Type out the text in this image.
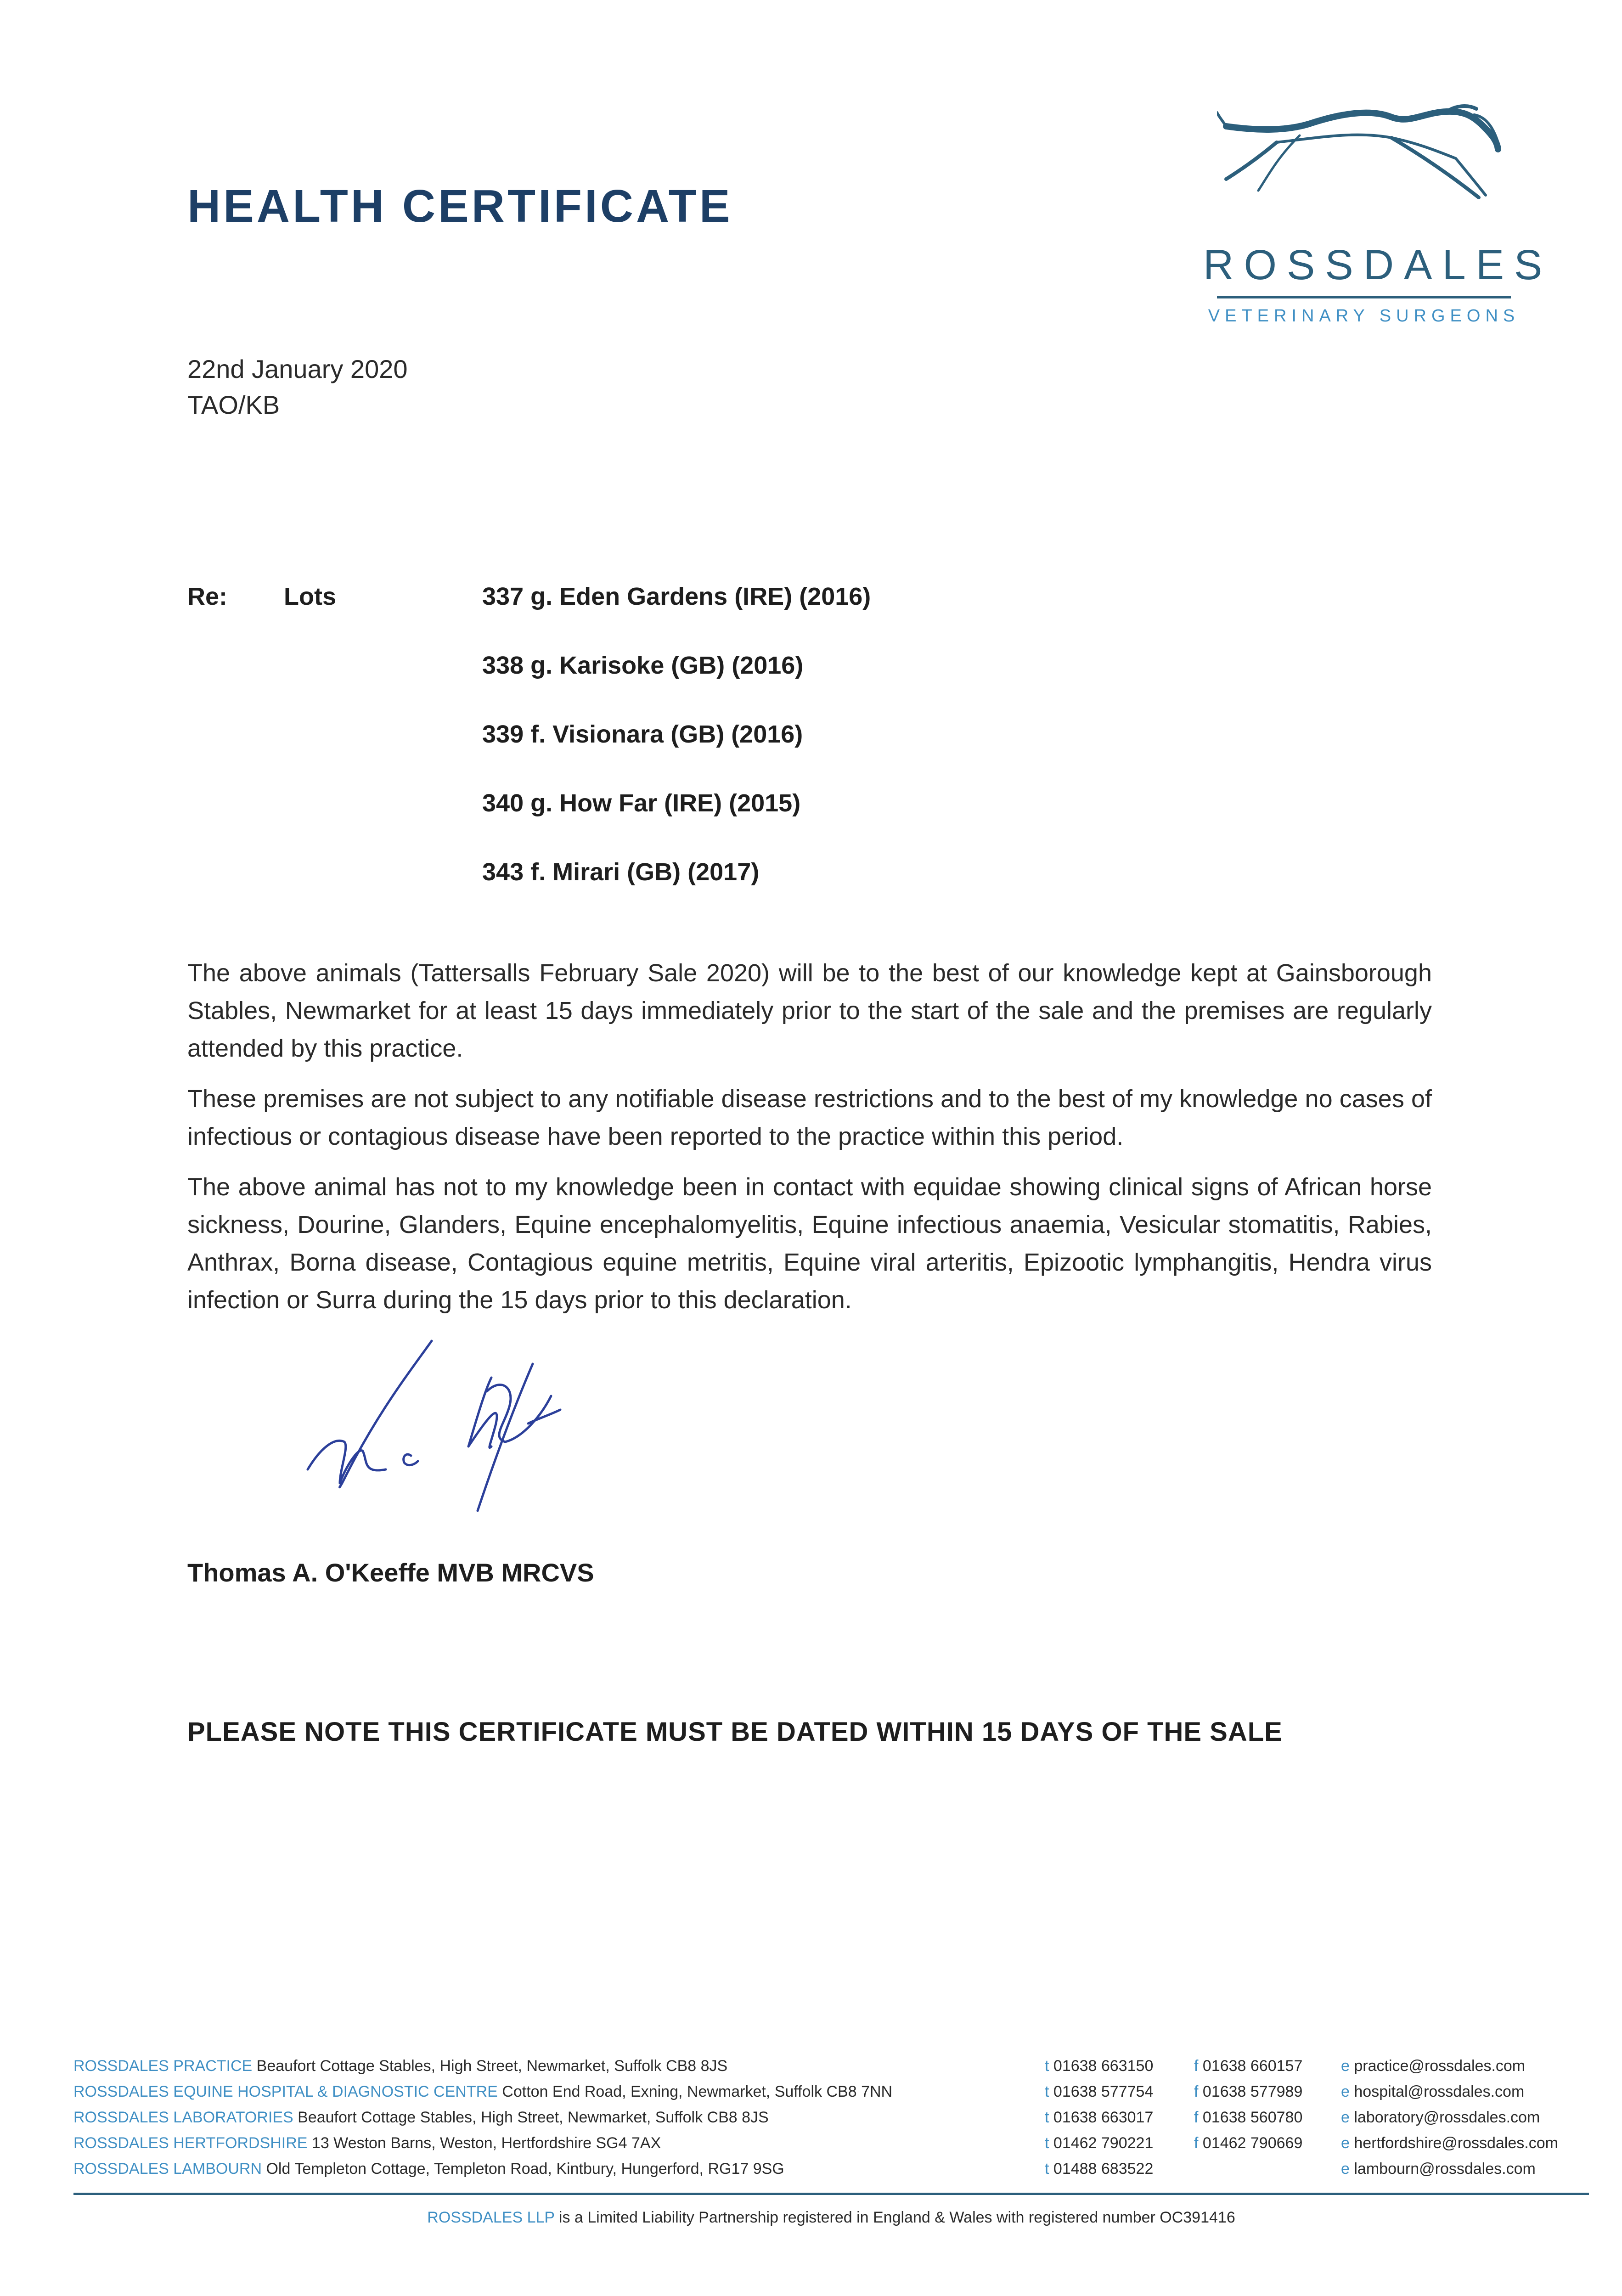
HEALTH CERTIFICATE
ROSSDALES
VETERINARY SURGEONS
22nd January 2020
TAO/KB
Re: Lots	337 g. Eden Gardens (IRE) (2016)
338 g. Karisoke (GB) (2016)
339 f. Visionara (GB) (2016)
340 g. How Far (IRE) (2015)
343 f. Mirari (GB) (2017)

The above animals (Tattersalls February Sale 2020) will be to the best of our knowledge kept at Gainsborough Stables, Newmarket for at least 15 days immediately prior to the start of the sale and the premises are regularly attended by this practice.

These premises are not subject to any notifiable disease restrictions and to the best of my knowledge no cases of infectious or contagious disease have been reported to the practice within this period.

The above animal has not to my knowledge been in contact with equidae showing clinical signs of African horse sickness, Dourine, Glanders, Equine encephalomyelitis, Equine infectious anaemia, Vesicular stomatitis, Rabies, Anthrax, Borna disease, Contagious equine metritis, Equine viral arteritis, Epizootic lymphangitis, Hendra virus infection or Surra during the 15 days prior to this declaration.

Thomas A. O'Keeffe MVB MRCVS
PLEASE NOTE THIS CERTIFICATE MUST BE DATED WITHIN 15 DAYS OF THE SALE
ROSSDALES PRACTICE Beaufort Cottage Stables, High Street, Newmarket, Suffolk CB8 8JS	t 01638 663150	f 01638 660157 e practice@rossdales.com
ROSSDALES EQUINE HOSPITAL & DIAGNOSTIC CENTRE Cotton End Road, Exning, Newmarket, Suffolk CB8 7NN	t 01638 577754	f 01638 577989 e hospital@rossdales.com
ROSSDALES LABORATORIES Beaufort Cottage Stables, High Street, Newmarket, Suffolk CB8 8JS	t 01638 663017	f 01638 560780 e laboratory@rossdales.com
ROSSDALES HERTFORDSHIRE 13 Weston Barns, Weston, Hertfordshire SG4 7AX	t 01462 790221	f 01462 790669 e hertfordshire@rossdales.com
ROSSDALES LAMBOURN Old Templeton Cottage, Templeton Road, Kintbury, Hungerford, RG17 9SG	t 01488 683522	e lambourn@rossdales.com
ROSSDALES LLP is a Limited Liability Partnership registered in England & Wales with registered number OC391416
